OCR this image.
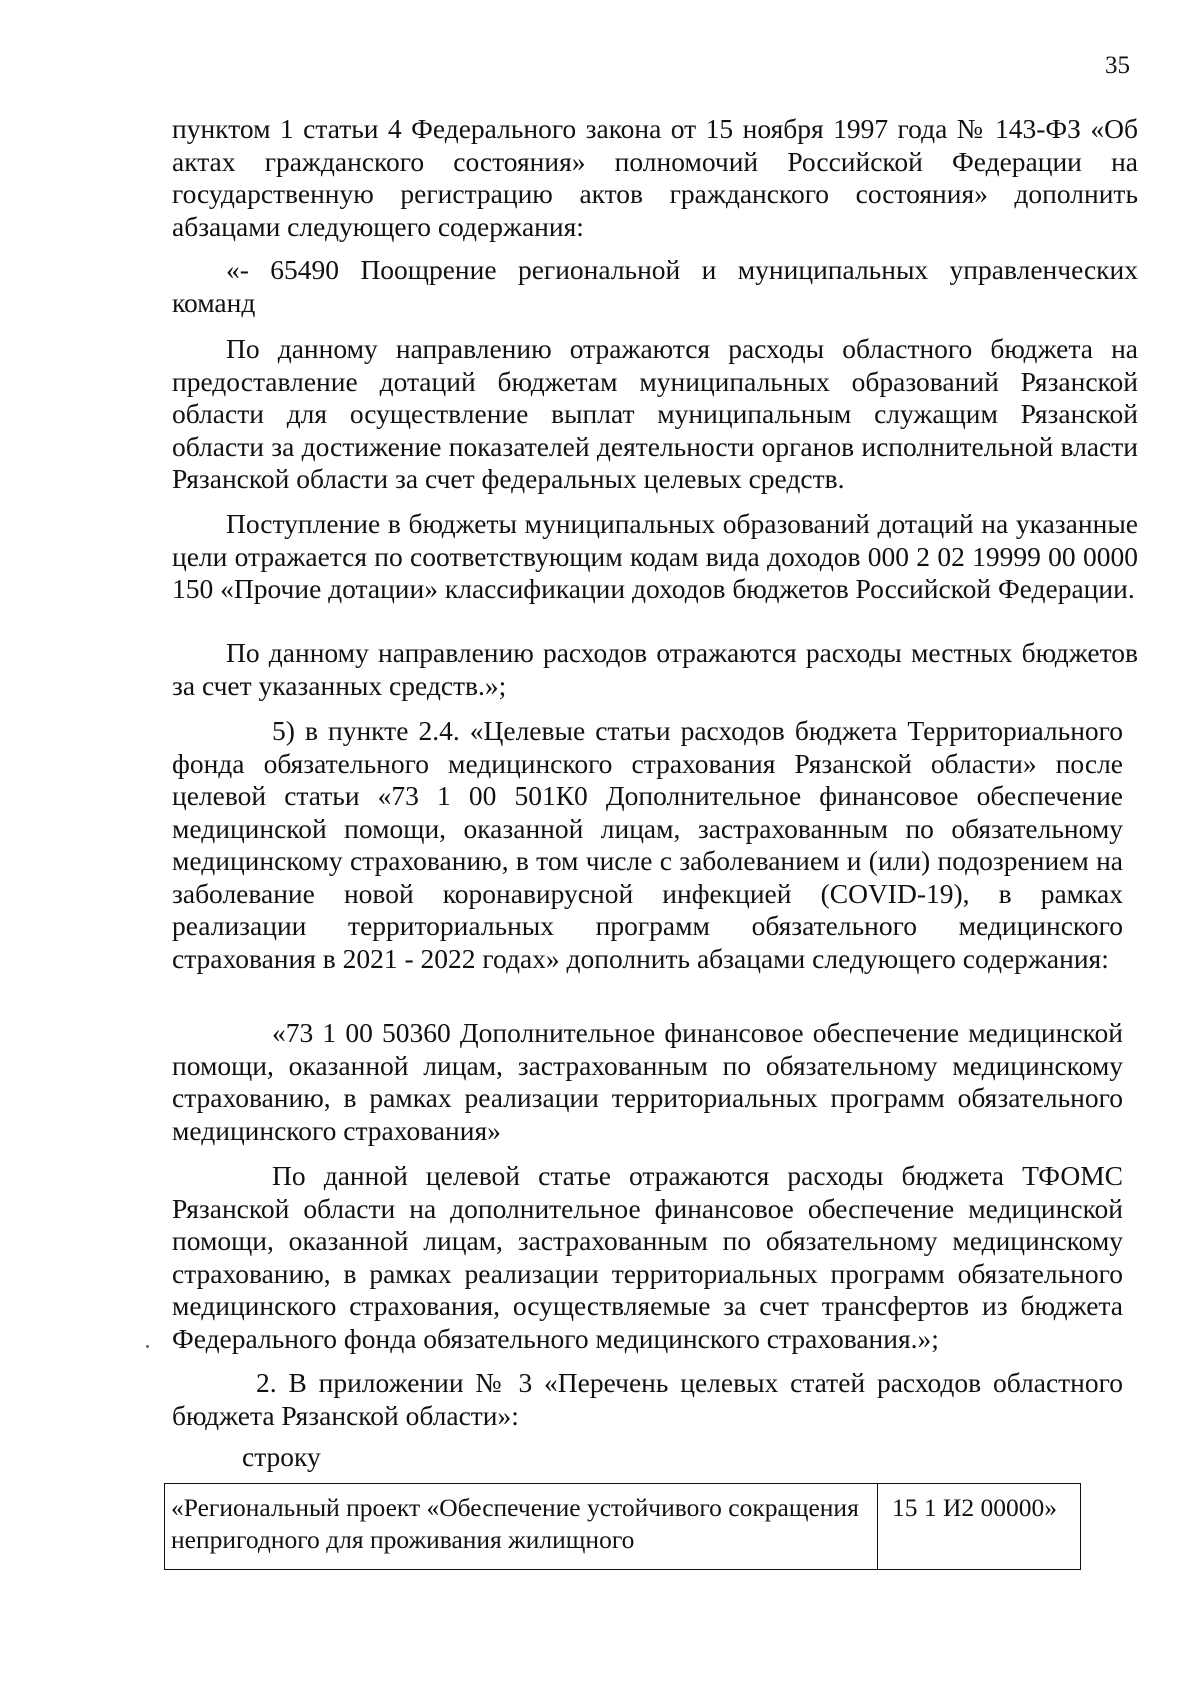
35

пунктом 1 статьи 4 Федерального закона от 15 ноября 1997 года № 143-ФЗ «Об актах гражданского состояния» полномочий Российской Федерации на государственную регистрацию актов гражданского состояния» дополнить абзацами следующего содержания:

«- 65490 Поощрение региональной и муниципальных управленческих команд

По данному направлению отражаются расходы областного бюджета на предоставление дотаций бюджетам муниципальных образований Рязанской области для осуществление выплат муниципальным служащим Рязанской области за достижение показателей деятельности органов исполнительной власти Рязанской области за счет федеральных целевых средств.

Поступление в бюджеты муниципальных образований дотаций на указанные цели отражается по соответствующим кодам вида доходов 000 2 02 19999 00 0000 150 «Прочие дотации» классификации доходов бюджетов Российской Федерации.

По данному направлению расходов отражаются расходы местных бюджетов за счет указанных средств.»;

5) в пункте 2.4. «Целевые статьи расходов бюджета Территориального фонда обязательного медицинского страхования Рязанской области» после целевой статьи «73 1 00 501К0 Дополнительное финансовое обеспечение медицинской помощи, оказанной лицам, застрахованным по обязательному медицинскому страхованию, в том числе с заболеванием и (или) подозрением на заболевание новой коронавирусной инфекцией (COVID-19), в рамках реализации территориальных программ обязательного медицинского страхования в 2021 - 2022 годах» дополнить абзацами следующего содержания:

«73 1 00 50360 Дополнительное финансовое обеспечение медицинской помощи, оказанной лицам, застрахованным по обязательному медицинскому страхованию, в рамках реализации территориальных программ обязательного медицинского страхования»

По данной целевой статье отражаются расходы бюджета ТФОМС Рязанской области на дополнительное финансовое обеспечение медицинской помощи, оказанной лицам, застрахованным по обязательному медицинскому страхованию, в рамках реализации территориальных программ обязательного медицинского страхования, осуществляемые за счет трансфертов из бюджета Федерального фонда обязательного медицинского страхования.»;

2. В приложении № 3 «Перечень целевых статей расходов областного бюджета Рязанской области»:

строку

«Региональный проект «Обеспечение устойчивого сокращения непригодного для проживания жилищного	15 1 И2 00000»
